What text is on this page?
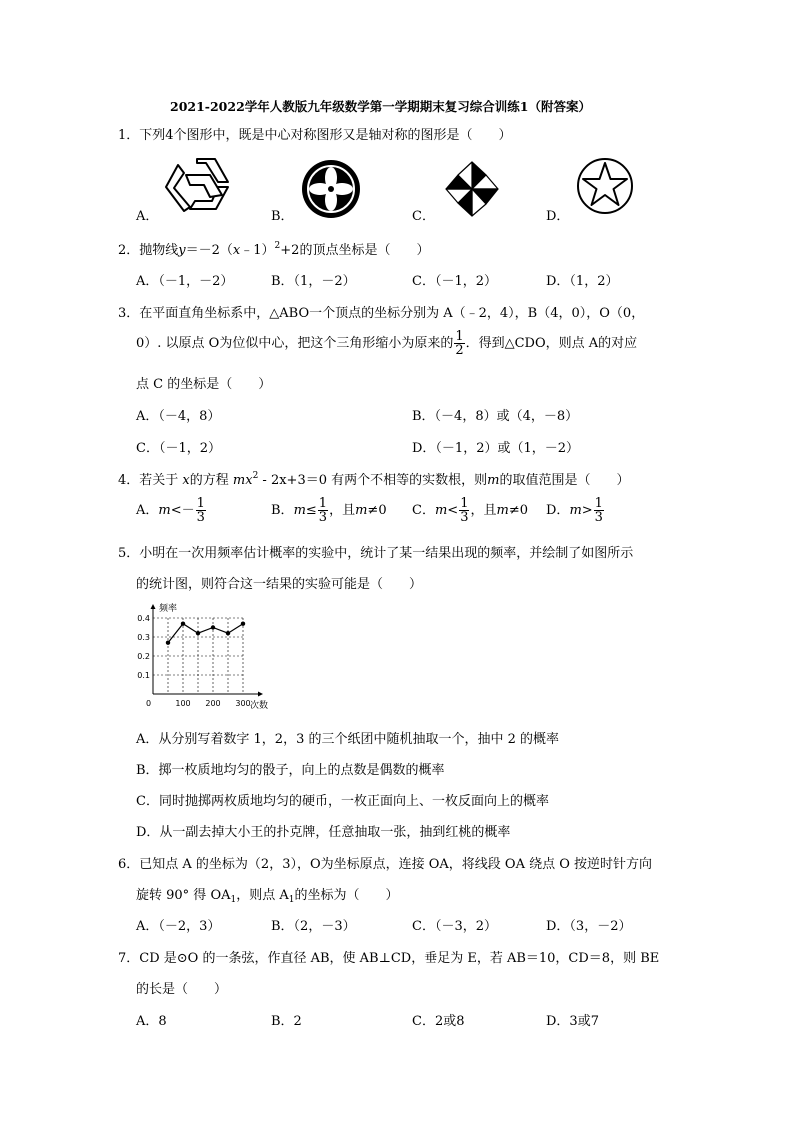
2021-2022学年人教版九年级数学第一学期期末复习综合训练1（附答案）
1．下列4个图形中，既是中心对称图形又是轴对称的图形是（　　）
A．	B．	C．	D．
2．抛物线y＝－2（x﹣1）$^2$+2的顶点坐标是（　　）
A．（－1，－2）	B．（1，－2）	C．（－1，2）	D．（1，2）
3．在平面直角坐标系中，△ABO一个顶点的坐标分别为 A（﹣2，4），B（4，0），O（0，
0）. 以原点 O为位似中心，把这个三角形缩小为原来的 $\frac{1}{2}$ ．得到△CDO，则点 A的对应
点 C 的坐标是（　　）
A．（－4，8）	B．（－4，8）或（4，－8）
C．（－1，2）	D．（－1，2）或（1，－2）
4．若关于 x的方程 $mx^2 - 2x+3=0$ 有两个不相等的实数根，则m的取值范围是（　　）
A．$m<- \frac{1}{3}$	B．$m\le \frac{1}{3}$ ，且m≠0 C．$m< \frac{1}{3}$ ，且m≠0 D．$m> \frac{1}{3}$
5．小明在一次用频率估计概率的实验中，统计了某一结果出现的频率，并绘制了如图所示
的统计图，则符合这一结果的实验可能是（　　）
频率
次数
0
0.4
0.3
0.2
0.1
100 200 300
A．从分别写着数字 1，2，3 的三个纸团中随机抽取一个，抽中 2 的概率
B．掷一枚质地均匀的骰子，向上的点数是偶数的概率
C．同时抛掷两枚质地均匀的硬币，一枚正面向上、一枚反面向上的概率
D．从一副去掉大小王的扑克牌，任意抽取一张，抽到红桃的概率
6．已知点 A 的坐标为（2，3），O为坐标原点，连接 OA，将线段 OA 绕点 O 按逆时针方向
旋转 90° 得 $OA_1$，则点 $A_1$的坐标为（　　）
A．（－2，3）	B．（2，－3）	C．（－3，2）	D．（3，－2）
7．CD 是⊙O 的一条弦，作直径 AB，使 AB⊥CD，垂足为 E，若 AB＝10，CD＝8，则 BE
的长是（　　）
A．8	B．2	C．2或8	D．3或7
